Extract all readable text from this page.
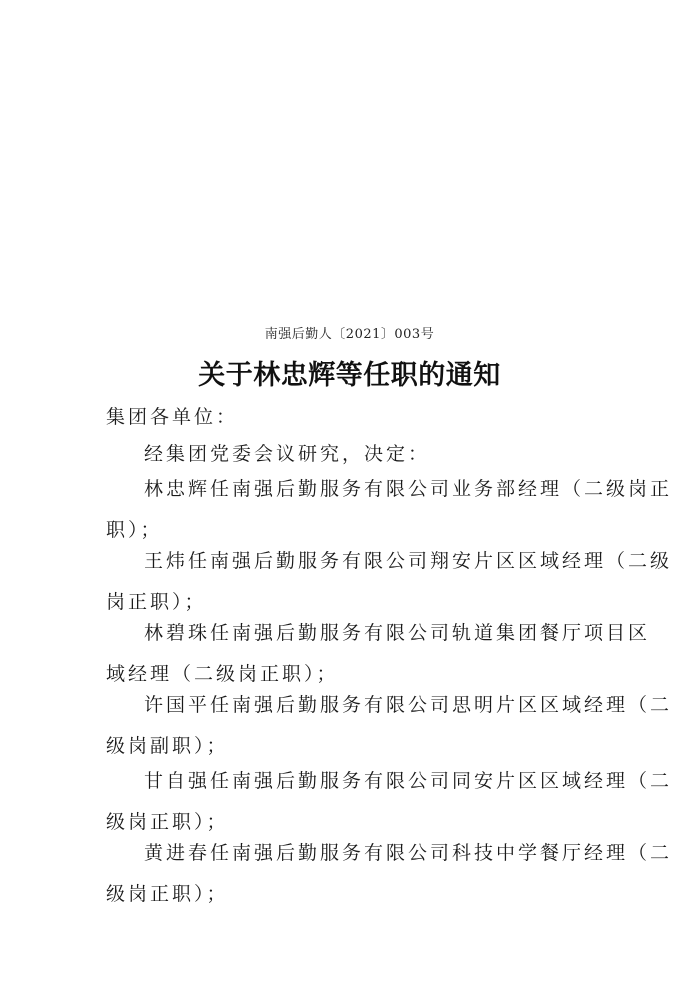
南强后勤人〔2021〕003号
关于林忠辉等任职的通知
集团各单位：
经集团党委会议研究，决定：
林忠辉任南强后勤服务有限公司业务部经理（二级岗正
职）；
王炜任南强后勤服务有限公司翔安片区区域经理（二级
岗正职）；
林碧珠任南强后勤服务有限公司轨道集团餐厅项目区
域经理（二级岗正职）；
许国平任南强后勤服务有限公司思明片区区域经理（二
级岗副职）；
甘自强任南强后勤服务有限公司同安片区区域经理（二
级岗正职）；
黄进春任南强后勤服务有限公司科技中学餐厅经理（二
级岗正职）；
